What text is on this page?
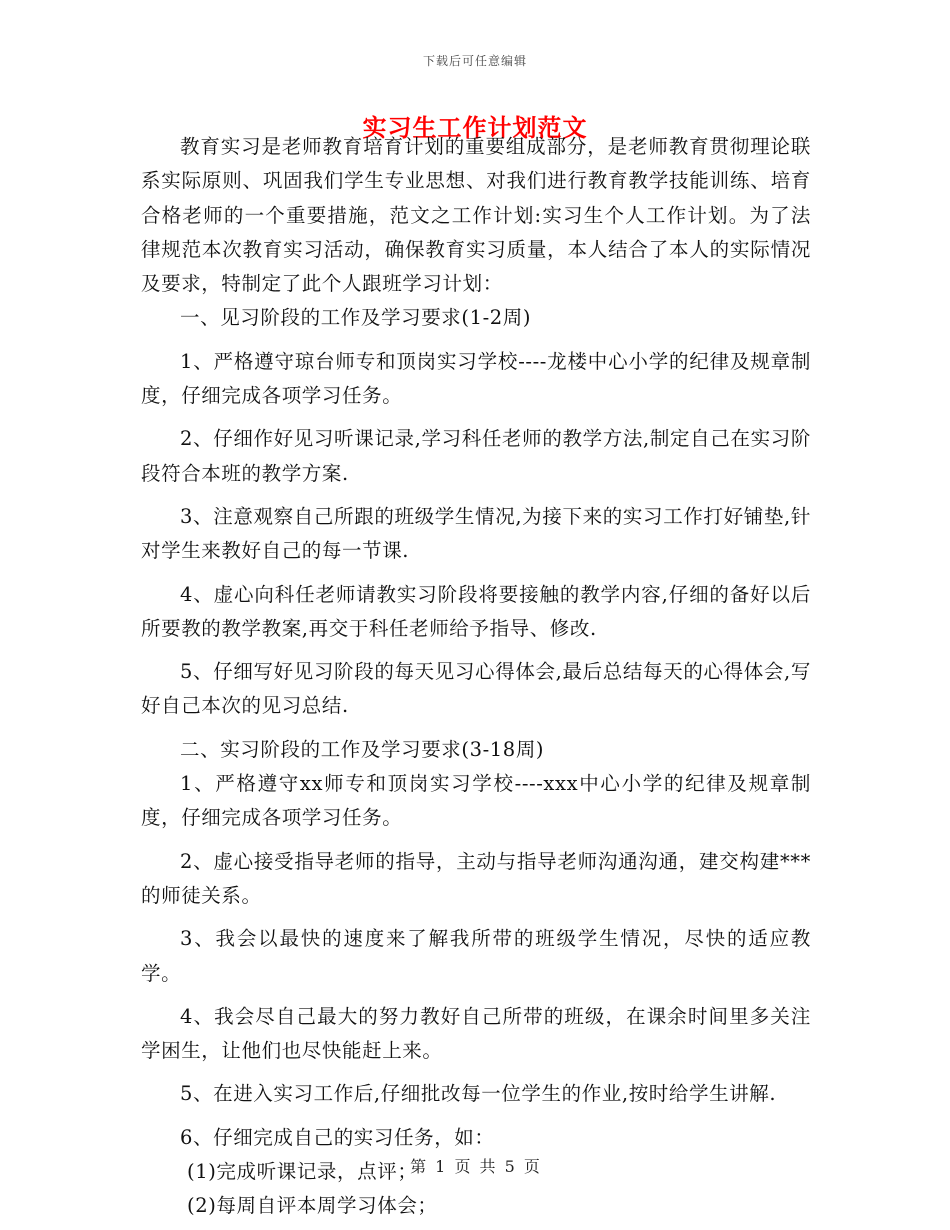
下载后可任意编辑
实习生工作计划范文

教育实习是老师教育培育计划的重要组成部分，是老师教育贯彻理论联系实际原则、巩固我们学生专业思想、对我们进行教育教学技能训练、培育合格老师的一个重要措施，范文之工作计划:实习生个人工作计划。为了法律规范本次教育实习活动，确保教育实习质量，本人结合了本人的实际情况及要求，特制定了此个人跟班学习计划：

一、见习阶段的工作及学习要求(1-2周)

1、严格遵守琼台师专和顶岗实习学校----龙楼中心小学的纪律及规章制度，仔细完成各项学习任务。

2、仔细作好见习听课记录,学习科任老师的教学方法,制定自己在实习阶段符合本班的教学方案.

3、注意观察自己所跟的班级学生情况,为接下来的实习工作打好铺垫,针对学生来教好自己的每一节课.

4、虚心向科任老师请教实习阶段将要接触的教学内容,仔细的备好以后所要教的教学教案,再交于科任老师给予指导、修改.

5、仔细写好见习阶段的每天见习心得体会,最后总结每天的心得体会,写好自己本次的见习总结.

二、实习阶段的工作及学习要求(3-18周)

1、严格遵守xx师专和顶岗实习学校----xxx中心小学的纪律及规章制度，仔细完成各项学习任务。

2、虚心接受指导老师的指导，主动与指导老师沟通沟通，建交构建***的师徒关系。

3、我会以最快的速度来了解我所带的班级学生情况，尽快的适应教学。

4、我会尽自己最大的努力教好自己所带的班级，在课余时间里多关注学困生，让他们也尽快能赶上来。

5、在进入实习工作后,仔细批改每一位学生的作业,按时给学生讲解.

6、仔细完成自己的实习任务，如：

(1)完成听课记录，点评；

(2)每周自评本周学习体会；

第 1 页 共 5 页
